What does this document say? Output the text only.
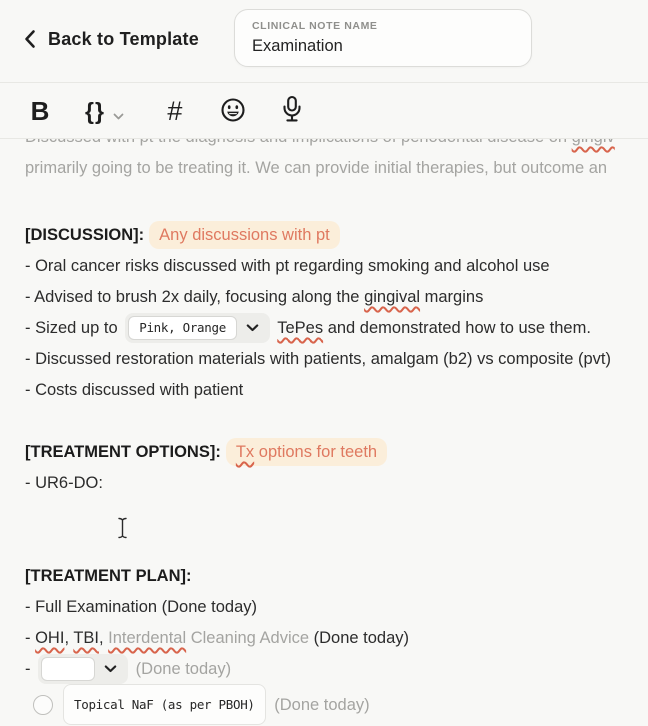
Back to Template
CLINICAL NOTE NAME
Examination
B {} #
primarily going to be treating it. We can provide initial therapies, but outcome an
[DISCUSSION]: Any discussions with pt
- Oral cancer risks discussed with pt regarding smoking and alcohol use
- Advised to brush 2x daily, focusing along the gingival margins
- Sized up to	Pink, Orange	TePes and demonstrated how to use them.
- Discussed restoration materials with patients, amalgam (b2) vs composite (pvt)
- Costs discussed with patient
[TREATMENT OPTIONS]: Tx options for teeth
- UR6-DO:
[TREATMENT PLAN]:
- Full Examination (Done today)
- OHI, TBI, Interdental Cleaning Advice (Done today)
-
	(Done today)
Topical NaF (as per PBOH) (Done today)
